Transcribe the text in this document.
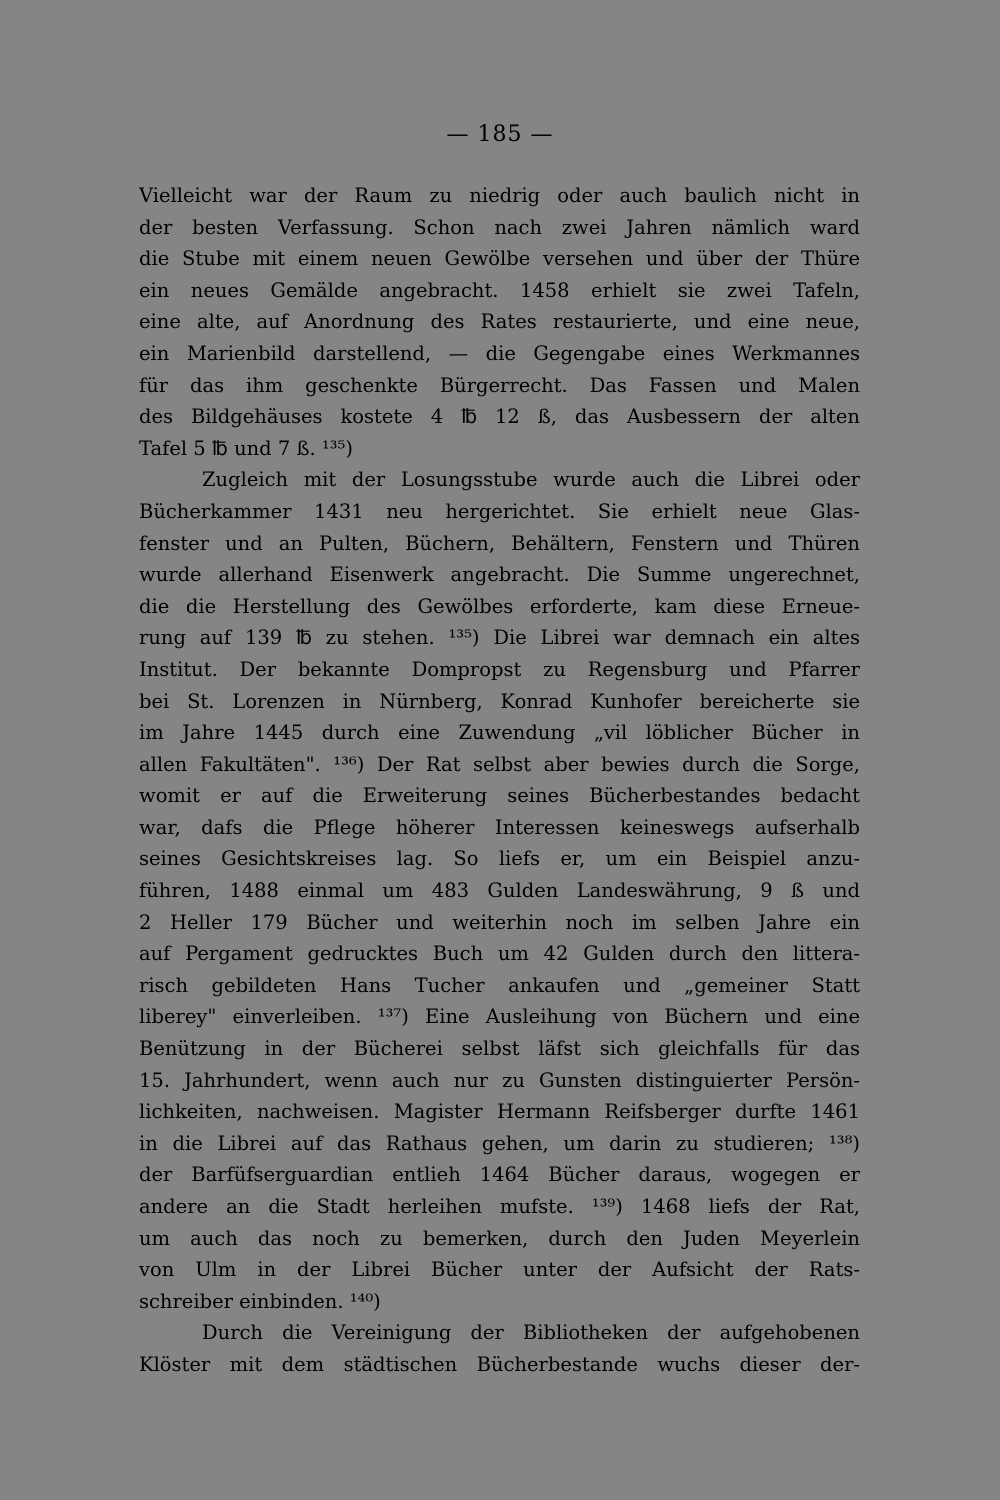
— 185 —
Vielleicht war der Raum zu niedrig oder auch baulich nicht in
der besten Verfassung. Schon nach zwei Jahren nämlich ward
die Stube mit einem neuen Gewölbe versehen und über der Thüre
ein neues Gemälde angebracht. 1458 erhielt sie zwei Tafeln,
eine alte, auf Anordnung des Rates restaurierte, und eine neue,
ein Marienbild darstellend, — die Gegengabe eines Werkmannes
für das ihm geschenkte Bürgerrecht. Das Fassen und Malen
des Bildgehäuses kostete 4 ℔ 12 ß, das Ausbessern der alten
Tafel 5 ℔ und 7 ß. ¹³⁵)
Zugleich mit der Losungsstube wurde auch die Librei oder
Bücherkammer 1431 neu hergerichtet. Sie erhielt neue Glas-
fenster und an Pulten, Büchern, Behältern, Fenstern und Thüren
wurde allerhand Eisenwerk angebracht. Die Summe ungerechnet,
die die Herstellung des Gewölbes erforderte, kam diese Erneue-
rung auf 139 ℔ zu stehen. ¹³⁵) Die Librei war demnach ein altes
Institut. Der bekannte Dompropst zu Regensburg und Pfarrer
bei St. Lorenzen in Nürnberg, Konrad Kunhofer bereicherte sie
im Jahre 1445 durch eine Zuwendung „vil löblicher Bücher in
allen Fakultäten". ¹³⁶) Der Rat selbst aber bewies durch die Sorge,
womit er auf die Erweiterung seines Bücherbestandes bedacht
war, dafs die Pflege höherer Interessen keineswegs aufserhalb
seines Gesichtskreises lag. So liefs er, um ein Beispiel anzu-
führen, 1488 einmal um 483 Gulden Landeswährung, 9 ß und
2 Heller 179 Bücher und weiterhin noch im selben Jahre ein
auf Pergament gedrucktes Buch um 42 Gulden durch den littera-
risch gebildeten Hans Tucher ankaufen und „gemeiner Statt
liberey" einverleiben. ¹³⁷) Eine Ausleihung von Büchern und eine
Benützung in der Bücherei selbst läfst sich gleichfalls für das
15. Jahrhundert, wenn auch nur zu Gunsten distinguierter Persön-
lichkeiten, nachweisen. Magister Hermann Reifsberger durfte 1461
in die Librei auf das Rathaus gehen, um darin zu studieren; ¹³⁸)
der Barfüfserguardian entlieh 1464 Bücher daraus, wogegen er
andere an die Stadt herleihen mufste. ¹³⁹) 1468 liefs der Rat,
um auch das noch zu bemerken, durch den Juden Meyerlein
von Ulm in der Librei Bücher unter der Aufsicht der Rats-
schreiber einbinden. ¹⁴⁰)
Durch die Vereinigung der Bibliotheken der aufgehobenen
Klöster mit dem städtischen Bücherbestande wuchs dieser der-
